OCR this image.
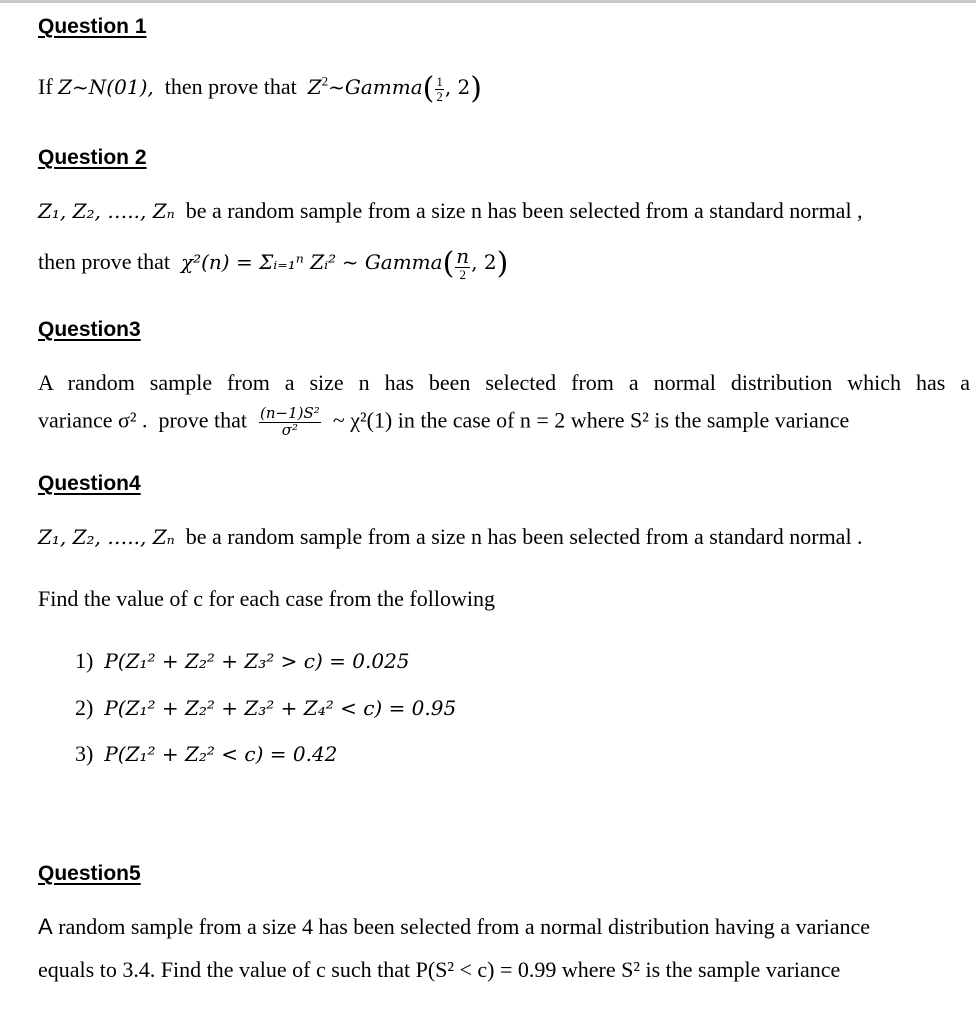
Question 1
If Z~N(01), then prove that $Z^2\sim Gamma( \frac{1}{2}$ , 2)
Question 2
Z₁, Z₂, ….., Zₙ be a random sample from a size n has been selected from a standard normal ,
then prove that χ²(n) = Σᵢ₌₁ⁿ Zᵢ² ~ Gamma( $\frac{n}{2}$ , 2)
Question3
A random sample from a size n has been selected from a normal distribution which has a
variance σ² . prove that $\frac{\text{(n−1)S²}}{\text{σ²}}$ ~ χ²(1) in the case of n = 2 where S² is the sample variance
Question4
Z₁, Z₂, ….., Zₙ be a random sample from a size n has been selected from a standard normal .
Find the value of c for each case from the following
1) P(Z₁² + Z₂² + Z₃² > c) = 0.025
2) P(Z₁² + Z₂² + Z₃² + Z₄² < c) = 0.95
3) P(Z₁² + Z₂² < c) = 0.42
Question5
A random sample from a size 4 has been selected from a normal distribution having a variance
equals to 3.4. Find the value of c such that P(S² < c) = 0.99 where S² is the sample variance
